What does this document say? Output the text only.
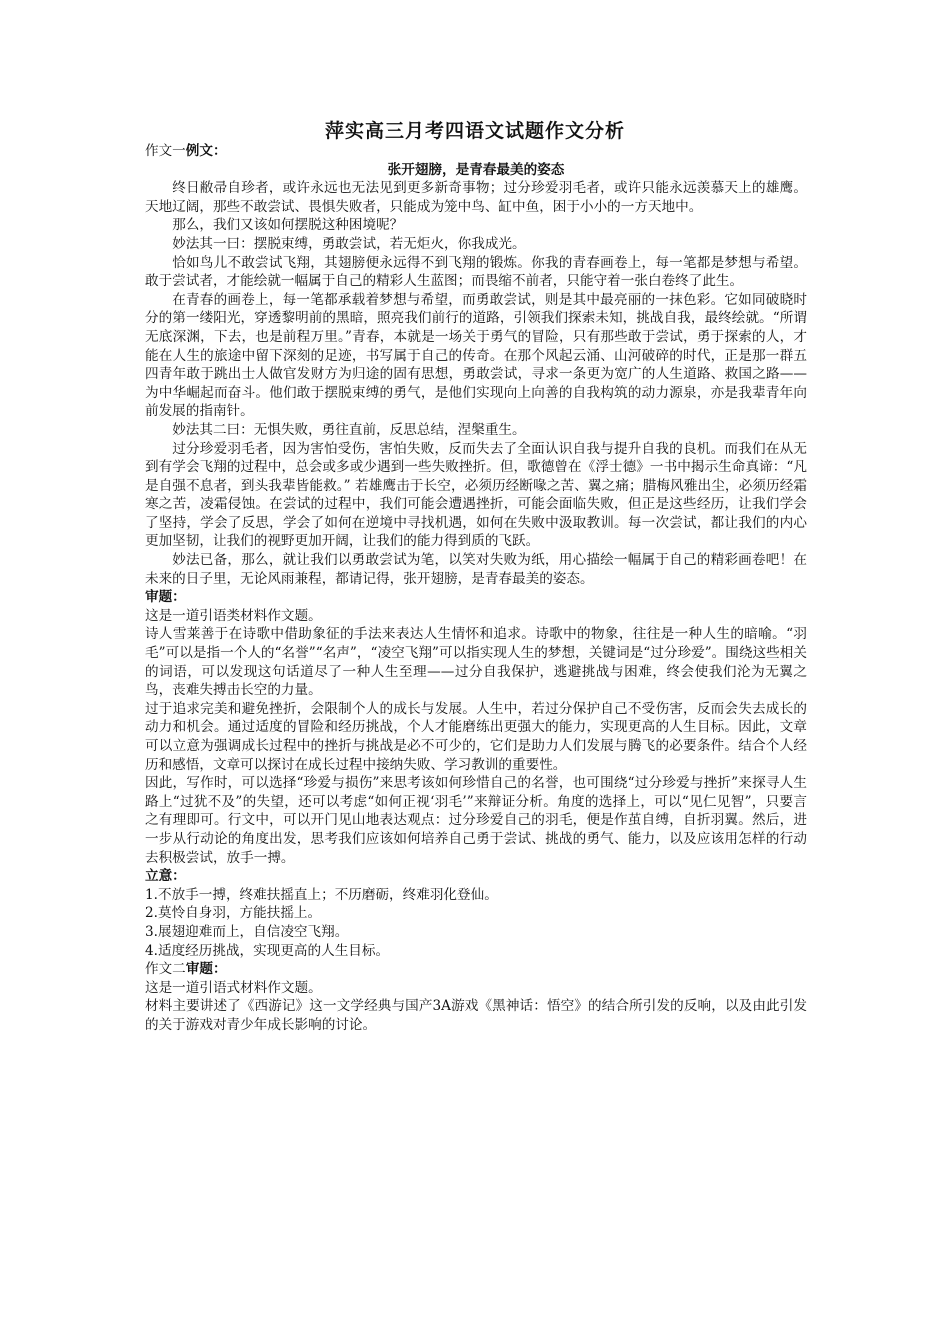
萍实高三月考四语文试题作文分析

作文一例文：

张开翅膀，是青春最美的姿态

终日敝帚自珍者，或许永远也无法见到更多新奇事物；过分珍爱羽毛者，或许只能永远羡慕天上的雄鹰。天地辽阔，那些不敢尝试、畏惧失败者，只能成为笼中鸟、缸中鱼，困于小小的一方天地中。

那么，我们又该如何摆脱这种困境呢？

妙法其一曰：摆脱束缚，勇敢尝试，若无炬火，你我成光。

恰如鸟儿不敢尝试飞翔，其翅膀便永远得不到飞翔的锻炼。你我的青春画卷上，每一笔都是梦想与希望。敢于尝试者，才能绘就一幅属于自己的精彩人生蓝图；而畏缩不前者，只能守着一张白卷终了此生。

在青春的画卷上，每一笔都承载着梦想与希望，而勇敢尝试，则是其中最亮丽的一抹色彩。它如同破晓时分的第一缕阳光，穿透黎明前的黑暗，照亮我们前行的道路，引领我们探索未知，挑战自我，最终绘就。“所谓无底深渊，下去，也是前程万里。”青春，本就是一场关于勇气的冒险，只有那些敢于尝试，勇于探索的人，才能在人生的旅途中留下深刻的足迹，书写属于自己的传奇。在那个风起云涌、山河破碎的时代，正是那一群五四青年敢于跳出士人做官发财方为归途的固有思想，勇敢尝试，寻求一条更为宽广的人生道路、救国之路——为中华崛起而奋斗。他们敢于摆脱束缚的勇气，是他们实现向上向善的自我构筑的动力源泉，亦是我辈青年向前发展的指南针。

妙法其二曰：无惧失败，勇往直前，反思总结，涅槃重生。

过分珍爱羽毛者，因为害怕受伤，害怕失败，反而失去了全面认识自我与提升自我的良机。而我们在从无到有学会飞翔的过程中，总会或多或少遇到一些失败挫折。但，歌德曾在《浮士德》一书中揭示生命真谛：“凡是自强不息者，到头我辈皆能救。” 若雄鹰击于长空，必须历经断喙之苦、翼之痛；腊梅风雅出尘，必须历经霜寒之苦，凌霜侵蚀。在尝试的过程中，我们可能会遭遇挫折，可能会面临失败，但正是这些经历，让我们学会了坚持，学会了反思，学会了如何在逆境中寻找机遇，如何在失败中汲取教训。每一次尝试，都让我们的内心更加坚韧，让我们的视野更加开阔，让我们的能力得到质的飞跃。

妙法已备，那么，就让我们以勇敢尝试为笔，以笑对失败为纸，用心描绘一幅属于自己的精彩画卷吧！在未来的日子里，无论风雨兼程，都请记得，张开翅膀，是青春最美的姿态。

审题：

这是一道引语类材料作文题。

诗人雪莱善于在诗歌中借助象征的手法来表达人生情怀和追求。诗歌中的物象，往往是一种人生的暗喻。“羽毛”可以是指一个人的“名誉”“名声”，“凌空飞翔”可以指实现人生的梦想，关键词是“过分珍爱”。围绕这些相关的词语，可以发现这句话道尽了一种人生至理——过分自我保护，逃避挑战与困难，终会使我们沦为无翼之鸟，丧难失搏击长空的力量。

过于追求完美和避免挫折，会限制个人的成长与发展。人生中，若过分保护自己不受伤害，反而会失去成长的动力和机会。通过适度的冒险和经历挑战，个人才能磨练出更强大的能力，实现更高的人生目标。因此，文章可以立意为强调成长过程中的挫折与挑战是必不可少的，它们是助力人们发展与腾飞的必要条件。结合个人经历和感悟，文章可以探讨在成长过程中接纳失败、学习教训的重要性。

因此，写作时，可以选择“珍爱与损伤”来思考该如何珍惜自己的名誉，也可围绕“过分珍爱与挫折”来探寻人生路上“过犹不及”的失望，还可以考虑“如何正视‘羽毛’”来辩证分析。角度的选择上，可以“见仁见智”，只要言之有理即可。行文中，可以开门见山地表达观点：过分珍爱自己的羽毛，便是作茧自缚，自折羽翼。然后，进一步从行动论的角度出发，思考我们应该如何培养自己勇于尝试、挑战的勇气、能力，以及应该用怎样的行动去积极尝试，放手一搏。

立意：

1.不放手一搏，终难扶摇直上；不历磨砺，终难羽化登仙。

2.莫怜自身羽，方能扶摇上。

3.展翅迎难而上，自信凌空飞翔。

4.适度经历挑战，实现更高的人生目标。

作文二审题：

这是一道引语式材料作文题。

材料主要讲述了《西游记》这一文学经典与国产3A游戏《黑神话：悟空》的结合所引发的反响，以及由此引发的关于游戏对青少年成长影响的讨论。
